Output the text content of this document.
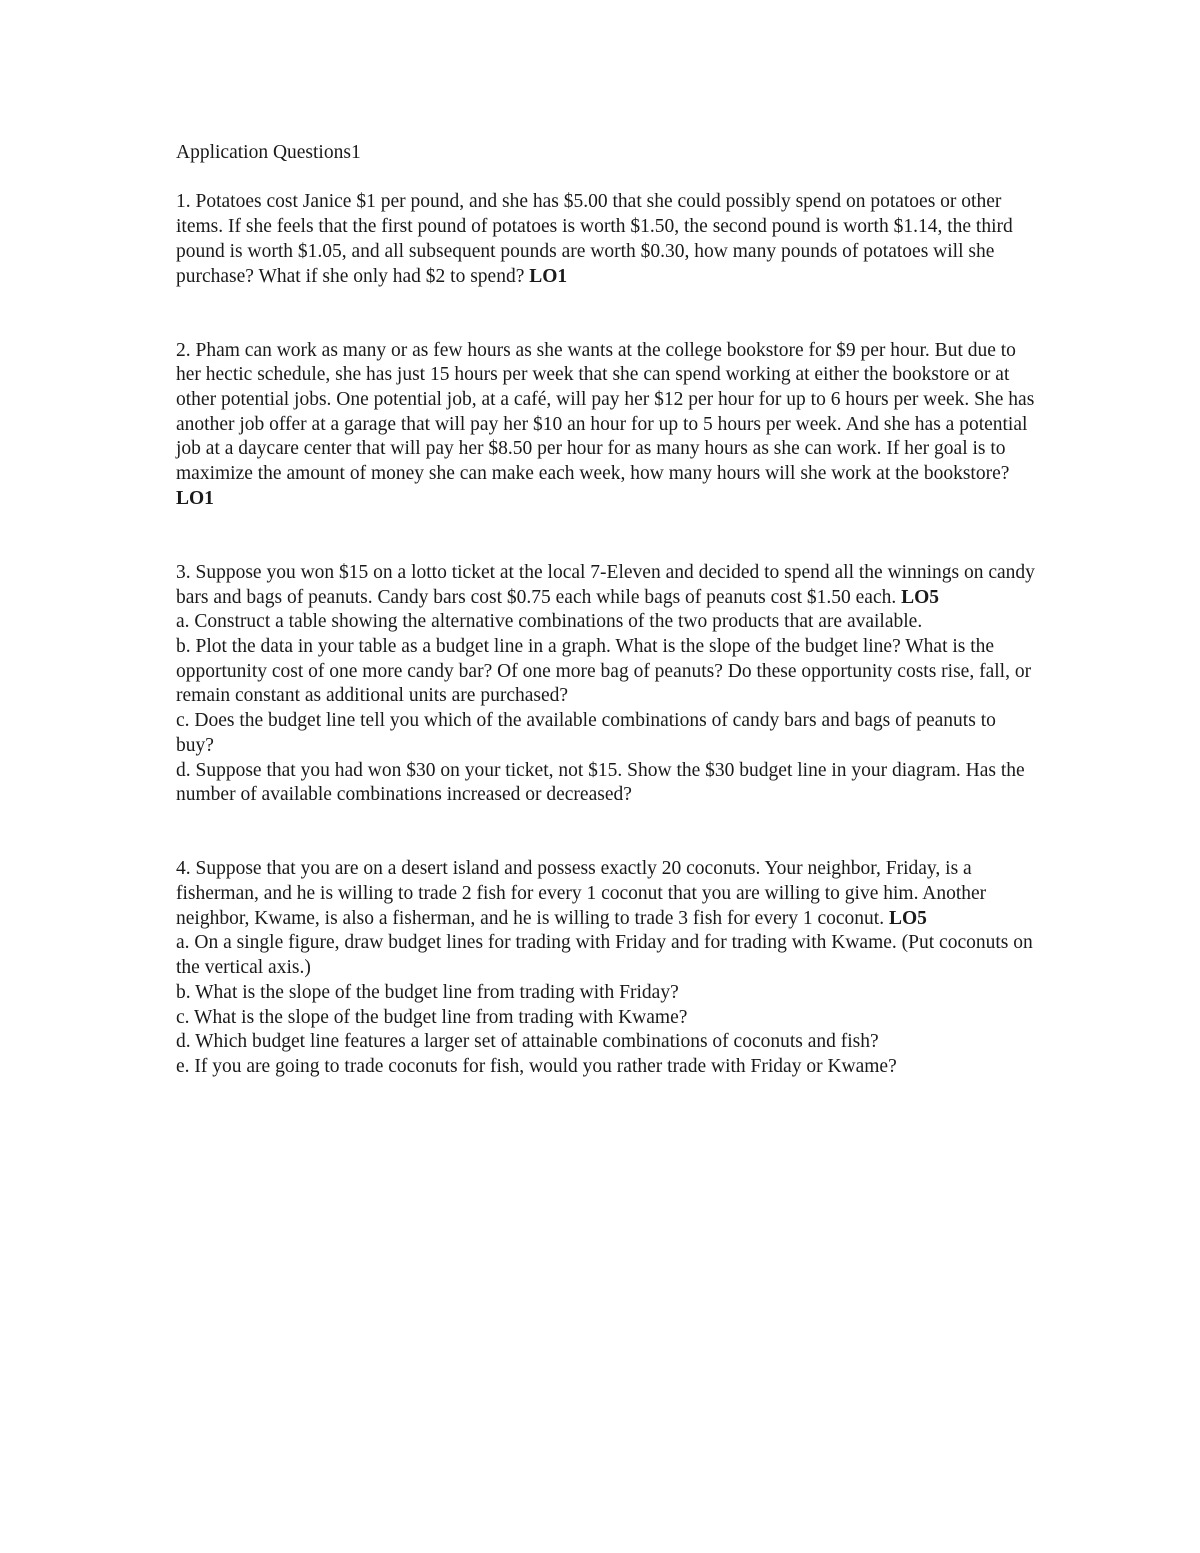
Application Questions1

1. Potatoes cost Janice $1 per pound, and she has $5.00 that she could possibly spend on potatoes or other items. If she feels that the first pound of potatoes is worth $1.50, the second pound is worth $1.14, the third pound is worth $1.05, and all subsequent pounds are worth $0.30, how many pounds of potatoes will she purchase? What if she only had $2 to spend? LO1

2. Pham can work as many or as few hours as she wants at the college bookstore for $9 per hour. But due to her hectic schedule, she has just 15 hours per week that she can spend working at either the bookstore or at other potential jobs. One potential job, at a café, will pay her $12 per hour for up to 6 hours per week. She has another job offer at a garage that will pay her $10 an hour for up to 5 hours per week. And she has a potential job at a daycare center that will pay her $8.50 per hour for as many hours as she can work. If her goal is to maximize the amount of money she can make each week, how many hours will she work at the bookstore? LO1

3. Suppose you won $15 on a lotto ticket at the local 7-Eleven and decided to spend all the winnings on candy bars and bags of peanuts. Candy bars cost $0.75 each while bags of peanuts cost $1.50 each. LO5

a. Construct a table showing the alternative combinations of the two products that are available.

b. Plot the data in your table as a budget line in a graph. What is the slope of the budget line? What is the opportunity cost of one more candy bar? Of one more bag of peanuts? Do these opportunity costs rise, fall, or remain constant as additional units are purchased?

c. Does the budget line tell you which of the available combinations of candy bars and bags of peanuts to buy?

d. Suppose that you had won $30 on your ticket, not $15. Show the $30 budget line in your diagram. Has the number of available combinations increased or decreased?

4. Suppose that you are on a desert island and possess exactly 20 coconuts. Your neighbor, Friday, is a fisherman, and he is willing to trade 2 fish for every 1 coconut that you are willing to give him. Another neighbor, Kwame, is also a fisherman, and he is willing to trade 3 fish for every 1 coconut. LO5

a. On a single figure, draw budget lines for trading with Friday and for trading with Kwame. (Put coconuts on the vertical axis.)

b. What is the slope of the budget line from trading with Friday?

c. What is the slope of the budget line from trading with Kwame?

d. Which budget line features a larger set of attainable combinations of coconuts and fish?

e. If you are going to trade coconuts for fish, would you rather trade with Friday or Kwame?
